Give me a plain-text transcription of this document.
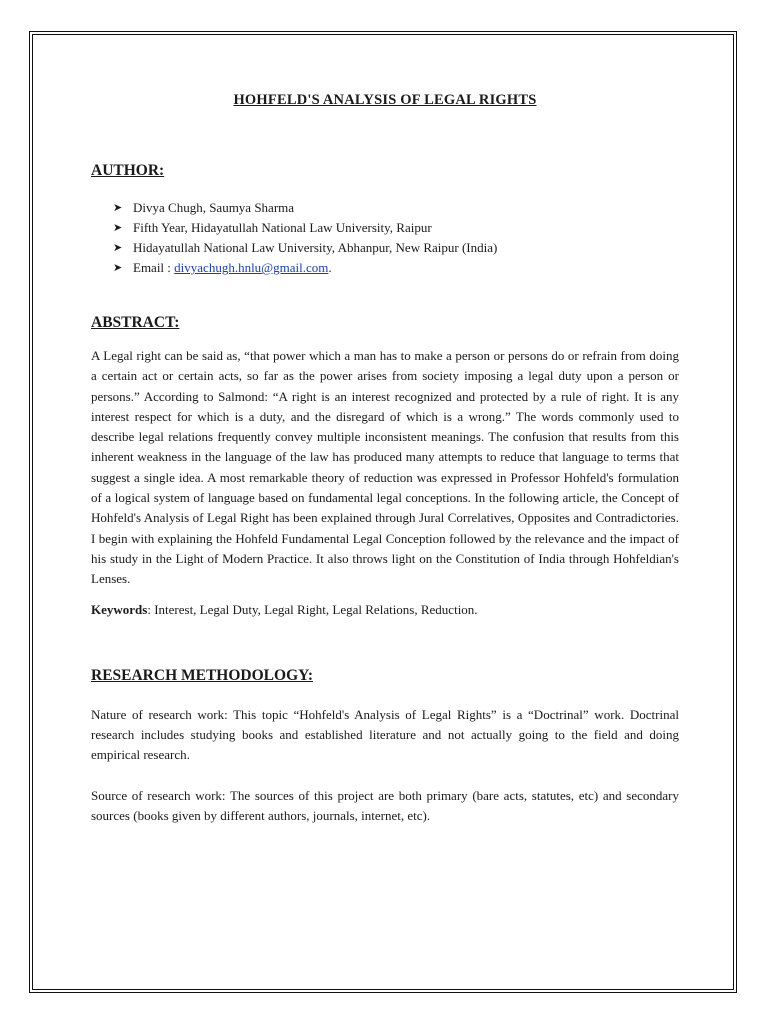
HOHFELD'S ANALYSIS OF LEGAL RIGHTS
AUTHOR:
➤ Divya Chugh, Saumya Sharma
➤ Fifth Year, Hidayatullah National Law University, Raipur
➤ Hidayatullah National Law University, Abhanpur, New Raipur (India)
➤ Email : divyachugh.hnlu@gmail.com.
ABSTRACT:

A Legal right can be said as, “that power which a man has to make a person or persons do or refrain from doing a certain act or certain acts, so far as the power arises from society imposing a legal duty upon a person or persons.” According to Salmond: “A right is an interest recognized and protected by a rule of right. It is any interest respect for which is a duty, and the disregard of which is a wrong.” The words commonly used to describe legal relations frequently convey multiple inconsistent meanings. The confusion that results from this inherent weakness in the language of the law has produced many attempts to reduce that language to terms that suggest a single idea. A most remarkable theory of reduction was expressed in Professor Hohfeld's formulation of a logical system of language based on fundamental legal conceptions. In the following article, the Concept of Hohfeld's Analysis of Legal Right has been explained through Jural Correlatives, Opposites and Contradictories. I begin with explaining the Hohfeld Fundamental Legal Conception followed by the relevance and the impact of his study in the Light of Modern Practice. It also throws light on the Constitution of India through Hohfeldian's Lenses.

Keywords: Interest, Legal Duty, Legal Right, Legal Relations, Reduction.

RESEARCH METHODOLOGY:

Nature of research work: This topic “Hohfeld's Analysis of Legal Rights” is a “Doctrinal” work. Doctrinal research includes studying books and established literature and not actually going to the field and doing empirical research.

Source of research work: The sources of this project are both primary (bare acts, statutes, etc) and secondary sources (books given by different authors, journals, internet, etc).
